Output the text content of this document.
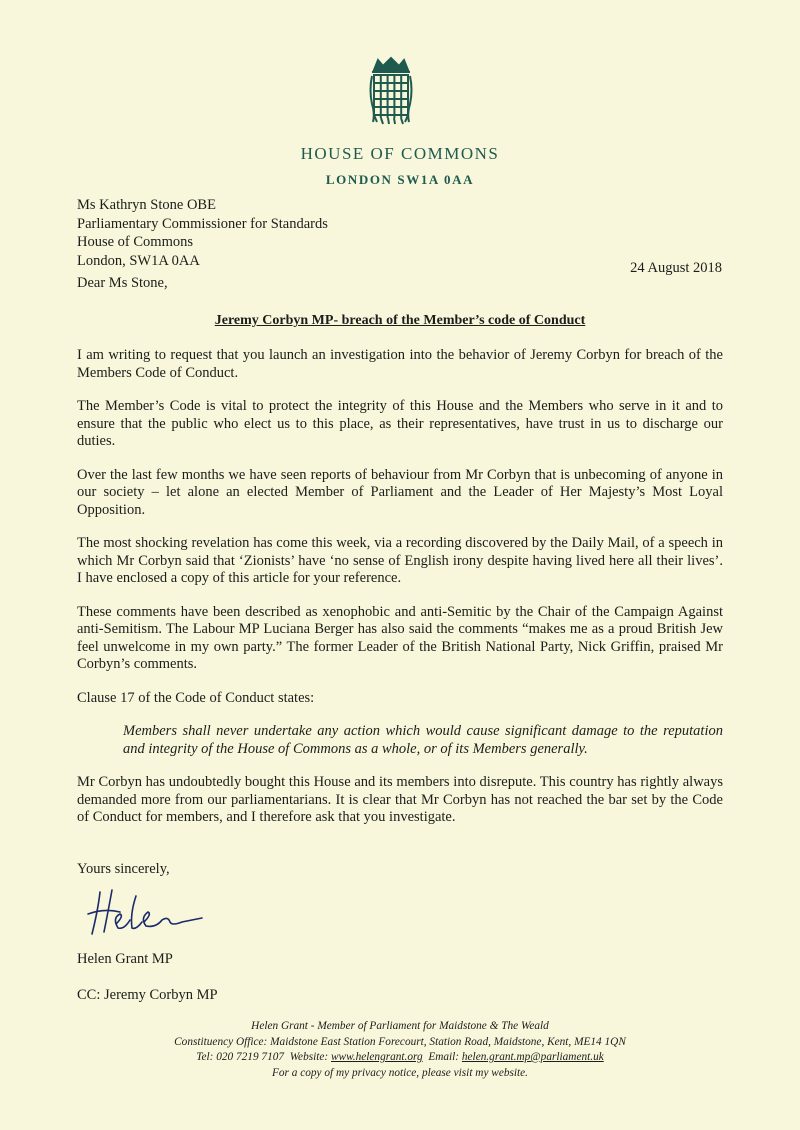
HOUSE OF COMMONS
LONDON SW1A 0AA
Ms Kathryn Stone OBE
Parliamentary Commissioner for Standards
House of Commons
London, SW1A 0AA	24 August 2018
Dear Ms Stone,
Jeremy Corbyn MP- breach of the Member’s code of Conduct

I am writing to request that you launch an investigation into the behavior of Jeremy Corbyn for breach of the Members Code of Conduct.

The Member’s Code is vital to protect the integrity of this House and the Members who serve in it and to ensure that the public who elect us to this place, as their representatives, have trust in us to discharge our duties.

Over the last few months we have seen reports of behaviour from Mr Corbyn that is unbecoming of anyone in our society – let alone an elected Member of Parliament and the Leader of Her Majesty’s Most Loyal Opposition.

The most shocking revelation has come this week, via a recording discovered by the Daily Mail, of a speech in which Mr Corbyn said that ‘Zionists’ have ‘no sense of English irony despite having lived here all their lives’. I have enclosed a copy of this article for your reference.

These comments have been described as xenophobic and anti-Semitic by the Chair of the Campaign Against anti-Semitism. The Labour MP Luciana Berger has also said the comments “makes me as a proud British Jew feel unwelcome in my own party.” The former Leader of the British National Party, Nick Griffin, praised Mr Corbyn’s comments.

Clause 17 of the Code of Conduct states:

Members shall never undertake any action which would cause significant damage to the reputation and integrity of the House of Commons as a whole, or of its Members generally.

Mr Corbyn has undoubtedly bought this House and its members into disrepute. This country has rightly always demanded more from our parliamentarians. It is clear that Mr Corbyn has not reached the bar set by the Code of Conduct for members, and I therefore ask that you investigate.

Yours sincerely,
Helen Grant MP
CC: Jeremy Corbyn MP
Helen Grant - Member of Parliament for Maidstone & The Weald
Constituency Office: Maidstone East Station Forecourt, Station Road, Maidstone, Kent, ME14 1QN
Tel: 020 7219 7107 Website: www.helengrant.org Email: helen.grant.mp@parliament.uk
For a copy of my privacy notice, please visit my website.
